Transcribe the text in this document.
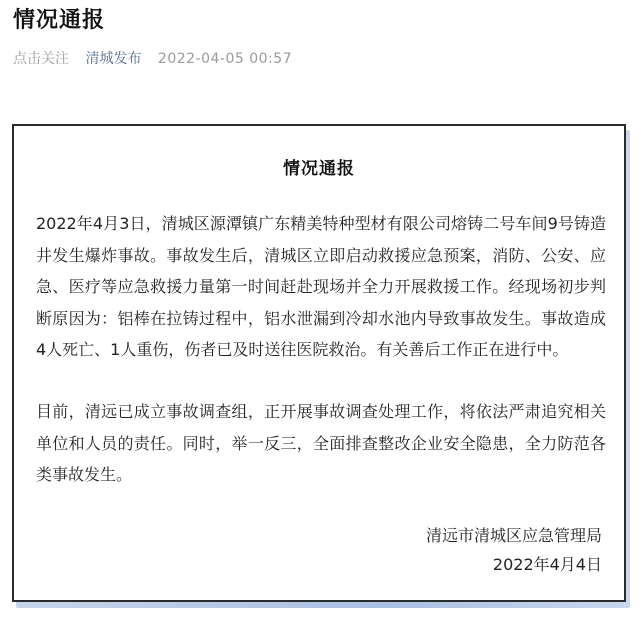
情况通报
点击关注 清城发布 2022-04-05 00:57
情况通报

2022年4月3日，清城区源潭镇广东精美特种型材有限公司熔铸二号车间9号铸造井发生爆炸事故。事故发生后，清城区立即启动救援应急预案，消防、公安、应急、医疗等应急救援力量第一时间赶赴现场并全力开展救援工作。经现场初步判断原因为：铝棒在拉铸过程中，铝水泄漏到冷却水池内导致事故发生。事故造成4人死亡、1人重伤，伤者已及时送往医院救治。有关善后工作正在进行中。

目前，清远已成立事故调查组，正开展事故调查处理工作，将依法严肃追究相关单位和人员的责任。同时，举一反三，全面排查整改企业安全隐患，全力防范各类事故发生。

清远市清城区应急管理局
2022年4月4日
